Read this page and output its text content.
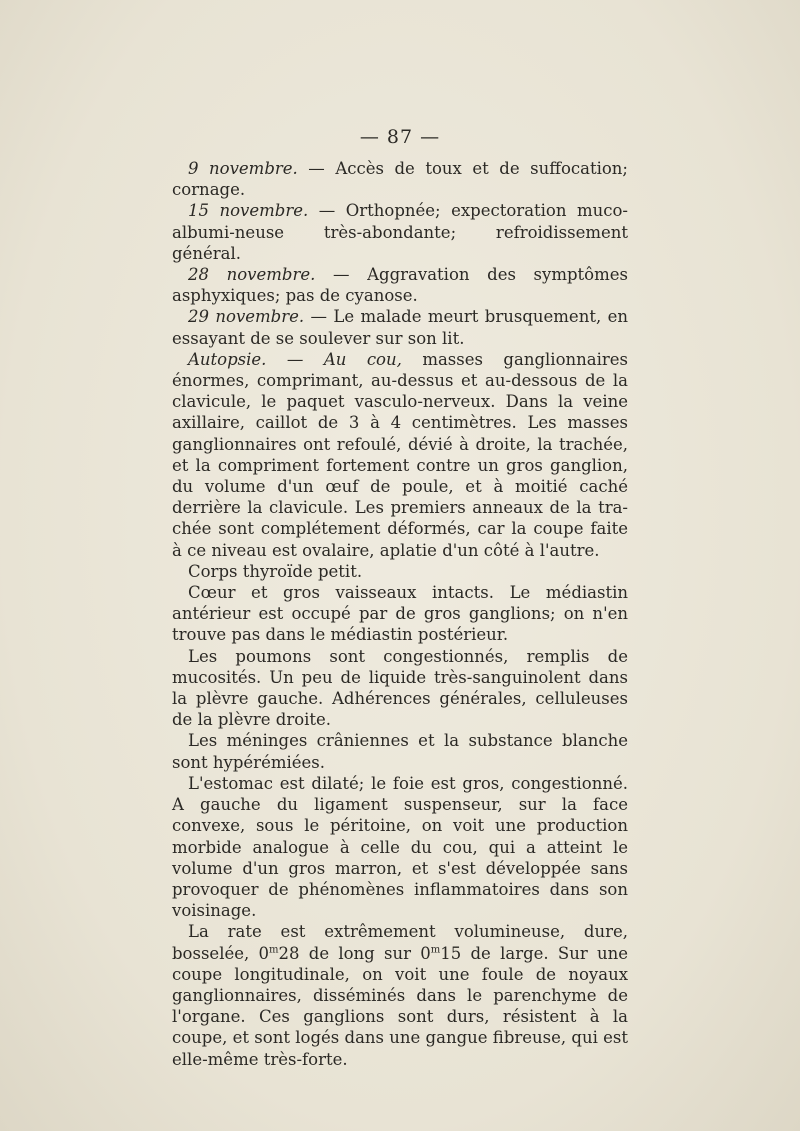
— 87 —

9 novembre. — Accès de toux et de suffocation; cornage.

15 novembre. — Orthopnée; expectoration muco-albumi-neuse très-abondante; refroidissement général.

28 novembre. — Aggravation des symptômes asphyxiques; pas de cyanose.

29 novembre. — Le malade meurt brusquement, en essayant de se soulever sur son lit.

Autopsie. — Au cou, masses ganglionnaires énormes, comprimant, au-dessus et au-dessous de la clavicule, le paquet vasculo-nerveux. Dans la veine axillaire, caillot de 3 à 4 centimètres. Les masses ganglionnaires ont refoulé, dévié à droite, la trachée, et la compriment fortement contre un gros ganglion, du volume d'un œuf de poule, et à moitié caché derrière la clavicule. Les premiers anneaux de la tra-chée sont complétement déformés, car la coupe faite à ce niveau est ovalaire, aplatie d'un côté à l'autre.

Corps thyroïde petit.

Cœur et gros vaisseaux intacts. Le médiastin antérieur est occupé par de gros ganglions; on n'en trouve pas dans le médiastin postérieur.

Les poumons sont congestionnés, remplis de mucosités. Un peu de liquide très-sanguinolent dans la plèvre gauche. Adhérences générales, celluleuses de la plèvre droite.

Les méninges crâniennes et la substance blanche sont hypérémiées.

L'estomac est dilaté; le foie est gros, congestionné. A gauche du ligament suspenseur, sur la face convexe, sous le péritoine, on voit une production morbide analogue à celle du cou, qui a atteint le volume d'un gros marron, et s'est développée sans provoquer de phénomènes inflammatoires dans son voisinage.

La rate est extrêmement volumineuse, dure, bosselée, 0$^m$28 de long sur 0$^m$15 de large. Sur une coupe longitudinale, on voit une foule de noyaux ganglionnaires, disséminés dans le parenchyme de l'organe. Ces ganglions sont durs, résistent à la coupe, et sont logés dans une gangue fibreuse, qui est elle-même très-forte.
